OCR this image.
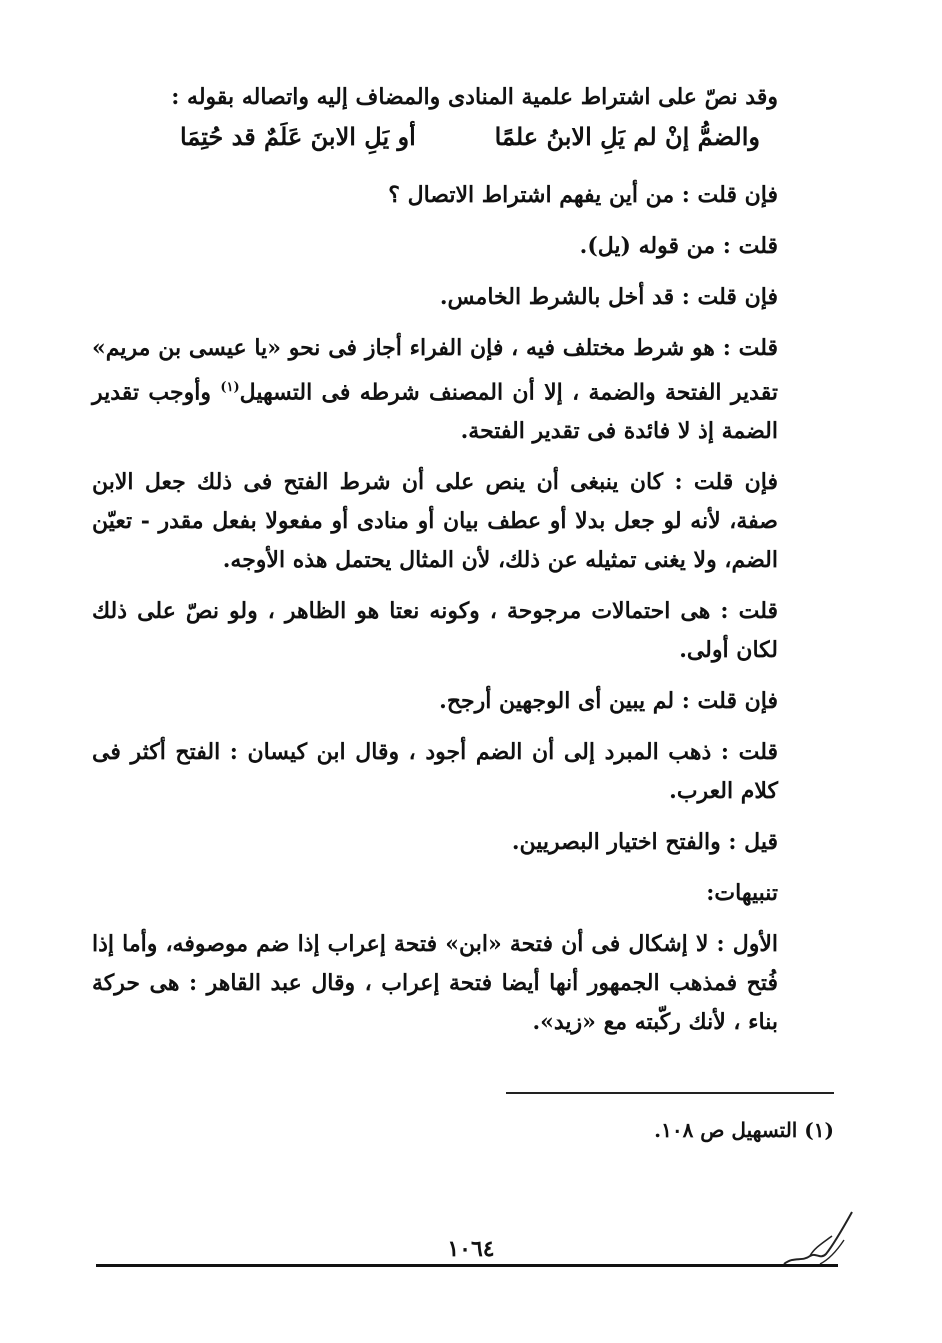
وقد نصّ على اشتراط علمية المنادى والمضاف إليه واتصاله بقوله :

والضمُّ إنْ لم يَلِ الابنُ علمًا
أو يَلِ الابنَ عَلَمٌ قد حُتِمَا

فإن قلت : من أين يفهم اشتراط الاتصال ؟

قلت : من قوله (يل).

فإن قلت : قد أخل بالشرط الخامس.

قلت : هو شرط مختلف فيه ، فإن الفراء أجاز فى نحو «يا عيسى بن مريم» تقدير الفتحة والضمة ، إلا أن المصنف شرطه فى التسهيل$^{(١)}$ وأوجب تقدير الضمة إذ لا فائدة فى تقدير الفتحة.

فإن قلت : كان ينبغى أن ينص على أن شرط الفتح فى ذلك جعل الابن صفة، لأنه لو جعل بدلا أو عطف بيان أو منادى أو مفعولا بفعل مقدر - تعيّن الضم، ولا يغنى تمثيله عن ذلك، لأن المثال يحتمل هذه الأوجه.

قلت : هى احتمالات مرجوحة ، وكونه نعتا هو الظاهر ، ولو نصّ على ذلك لكان أولى.

فإن قلت : لم يبين أى الوجهين أرجح.

قلت : ذهب المبرد إلى أن الضم أجود ، وقال ابن كيسان : الفتح أكثر فى كلام العرب.

قيل : والفتح اختيار البصريين.

تنبيهات:

الأول : لا إشكال فى أن فتحة «ابن» فتحة إعراب إذا ضم موصوفه، وأما إذا فُتح فمذهب الجمهور أنها أيضا فتحة إعراب ، وقال عبد القاهر : هى حركة بناء ، لأنك ركّبته مع «زيد».

(١) التسهيل ص ١٠٨.
١٠٦٤
